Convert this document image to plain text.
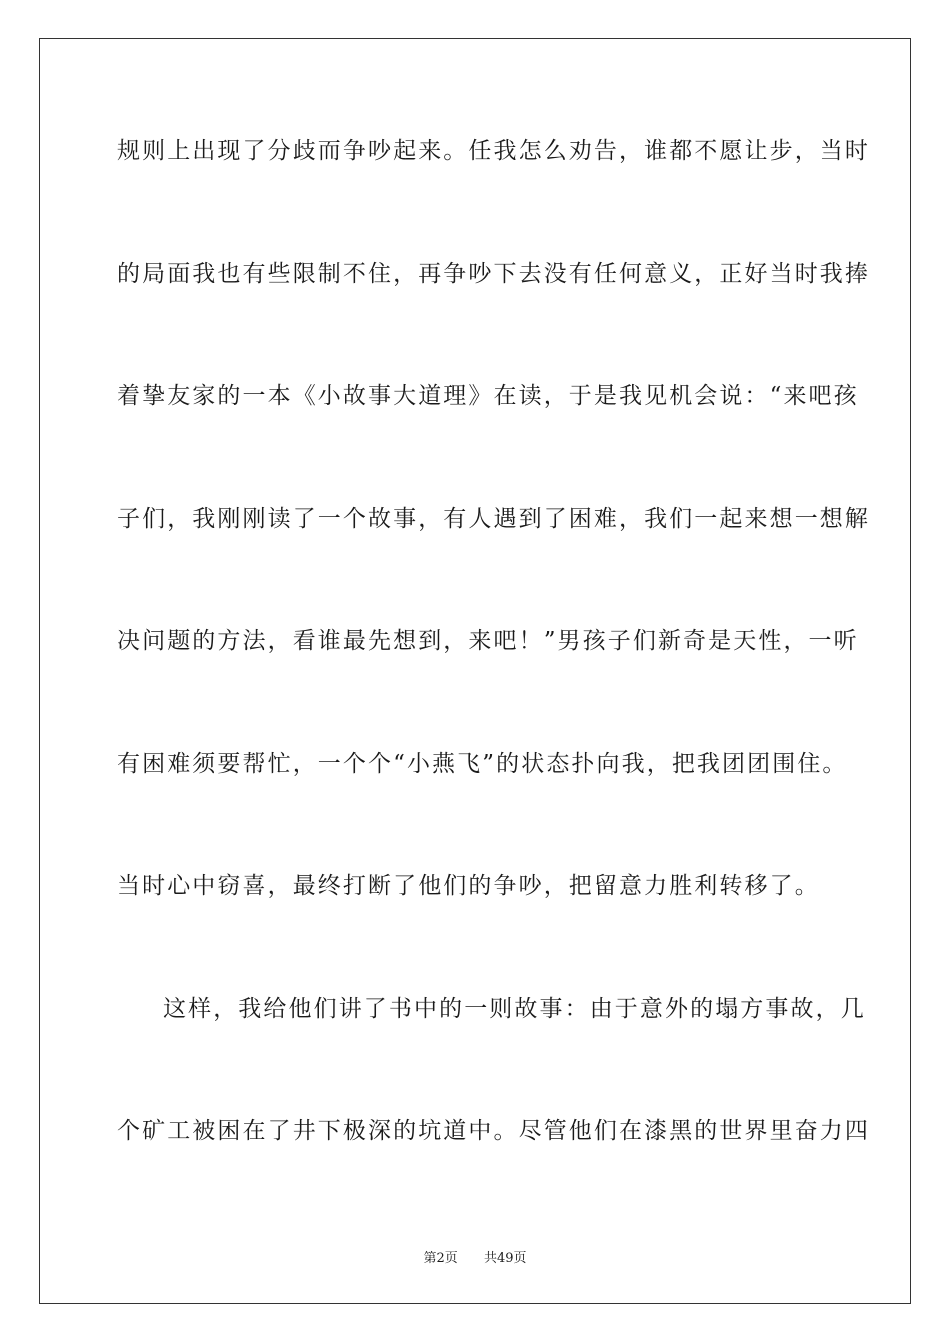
规则上出现了分歧而争吵起来。任我怎么劝告，谁都不愿让步，当时
的局面我也有些限制不住，再争吵下去没有任何意义，正好当时我捧
着挚友家的一本《小故事大道理》在读，于是我见机会说：“来吧孩
子们，我刚刚读了一个故事，有人遇到了困难，我们一起来想一想解
决问题的方法，看谁最先想到，来吧！”男孩子们新奇是天性，一听
有困难须要帮忙，一个个“小燕飞”的状态扑向我，把我团团围住。
当时心中窃喜，最终打断了他们的争吵，把留意力胜利转移了。
这样，我给他们讲了书中的一则故事：由于意外的塌方事故，几
个矿工被困在了井下极深的坑道中。尽管他们在漆黑的世界里奋力四
第2页 共49页
